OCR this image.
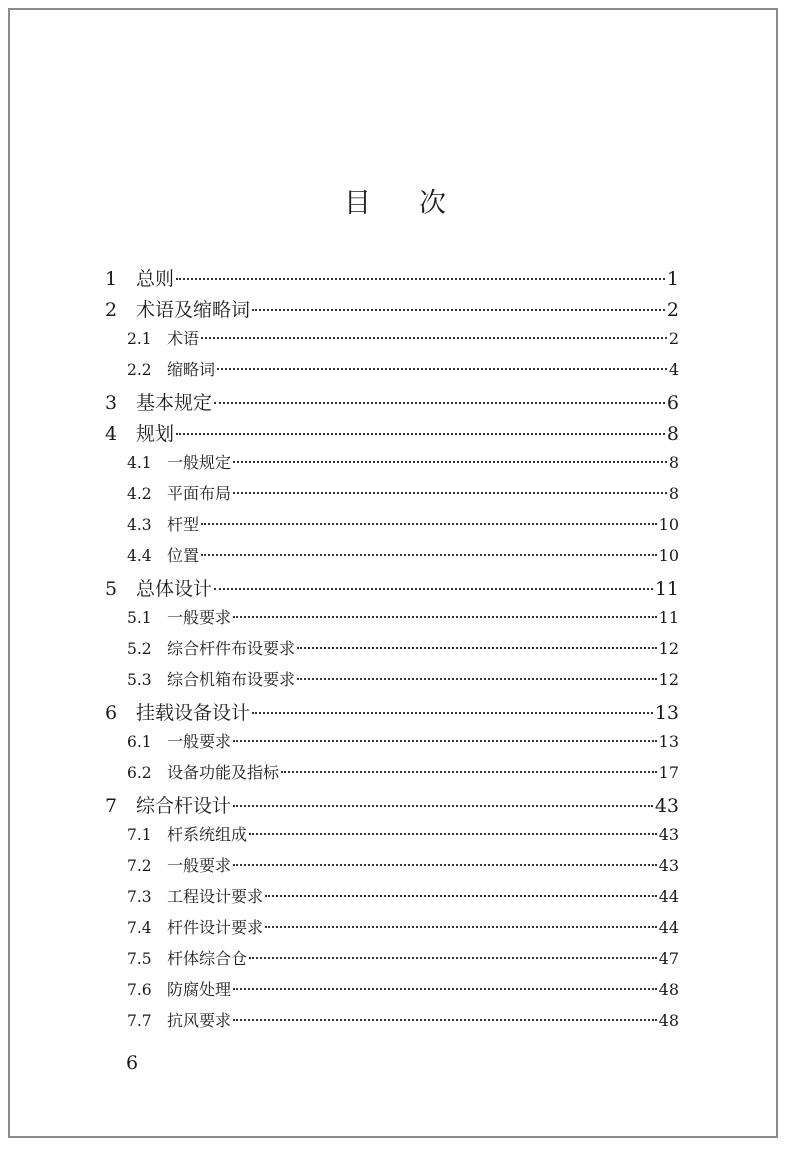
目 次
1 总则	1
2 术语及缩略词	2
2.1 术语	2
2.2 缩略词	4
3 基本规定	6
4 规划	8
4.1 一般规定	8
4.2 平面布局	8
4.3 杆型	10
4.4 位置	10
5 总体设计	11
5.1 一般要求	11
5.2 综合杆件布设要求	12
5.3 综合机箱布设要求	12
6 挂载设备设计	13
6.1 一般要求	13
6.2 设备功能及指标	17
7 综合杆设计	43
7.1 杆系统组成	43
7.2 一般要求	43
7.3 工程设计要求	44
7.4 杆件设计要求	44
7.5 杆体综合仓	47
7.6 防腐处理	48
7.7 抗风要求	48
6
